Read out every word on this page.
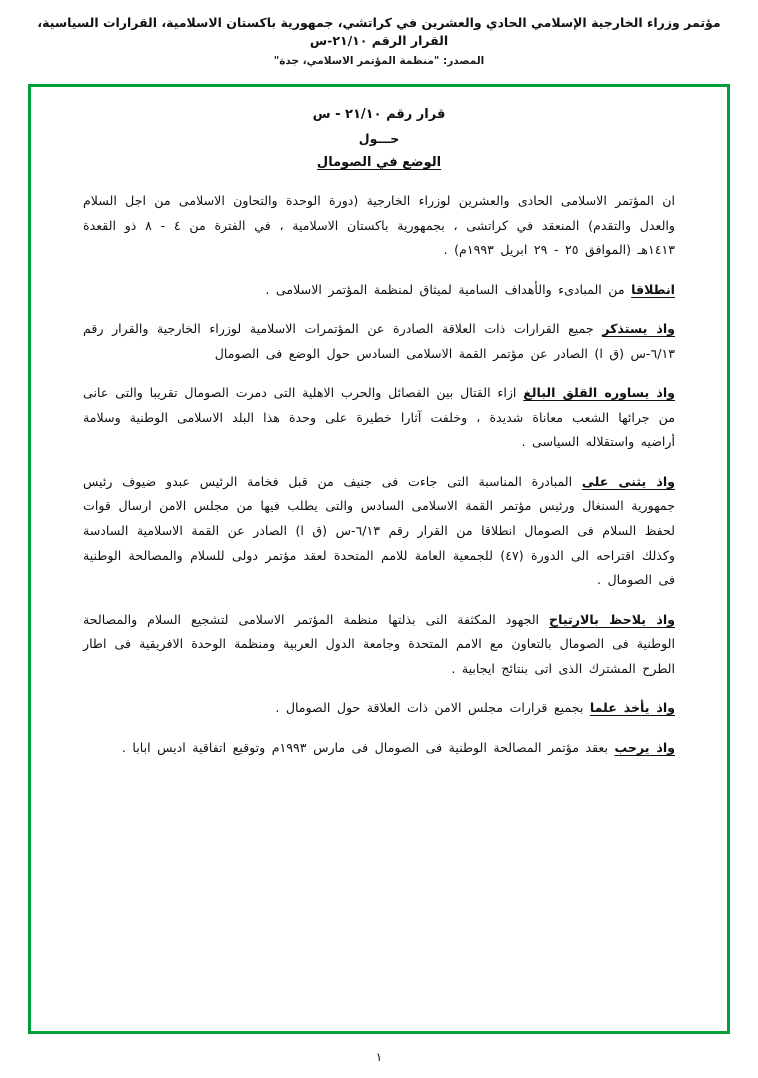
مؤتمر وزراء الخارجية الإسلامي الحادي والعشرين في كراتشي، جمهورية باكستان الاسلامية، القرارات السياسية، القرار الرقم ٢١/١٠-س
المصدر: "منظمة المؤتمر الاسلامي، جدة"
قرار رقم ٢١/١٠ - س
حـــول
الوضع في الصومال
ان المؤتمر الاسلامى الحادى والعشرين لوزراء الخارجية (دورة الوحدة والتحاون الاسلامى من اجل السلام والعدل والتقدم) المنعقد في كراتشى ، بجمهورية باكستان الاسلامية ، في الفترة من ٤ - ٨ ذو القعدة ١٤١٣هـ (الموافق ٢٥ - ٢٩ ابريل ١٩٩٣م) .
انطلاقا من المبادىء والأهداف السامية لميثاق لمنظمة المؤتمر الاسلامى .
واذ يستذكر جميع القرارات ذات العلاقة الصادرة عن المؤتمرات الاسلامية لوزراء الخارجية والقرار رقم ٦/١٣-س (ق ا) الصادر عن مؤتمر القمة الاسلامى السادس حول الوضع فى الصومال
واذ يساوره القلق البالغ ازاء القتال بين الفصائل والحرب الاهلية التى دمرت الصومال تقريبا والتى عانى من جرائها الشعب معاناة شديدة ، وخلفت آثارا خطيرة على وحدة هذا البلد الاسلامى الوطنية وسلامة أراضيه واستقلاله السياسى .
واذ يثنى على المبادرة المناسبة التى جاءت فى جنيف من قبل فخامة الرئيس عبدو ضيوف رئيس جمهورية السنغال ورئيس مؤتمر القمة الاسلامى السادس والتى يطلب فيها من مجلس الامن ارسال قوات لحفظ السلام فى الصومال انطلاقا من القرار رقم ٦/١٣-س (ق ا) الصادر عن القمة الاسلامية السادسة وكذلك اقتراحه الى الدورة (٤٧) للجمعية العامة للامم المتحدة لعقد مؤتمر دولى للسلام والمصالحة الوطنية فى الصومال .
واذ يلاحظ بالارتياح الجهود المكثفة التى بذلتها منظمة المؤتمر الاسلامى لتشجيع السلام والمصالحة الوطنية فى الصومال بالتعاون مع الامم المتحدة وجامعة الدول العربية ومنظمة الوحدة الافريقية فى اطار الطرح المشترك الذى اتى بنتائج ايجابية .
واذ يأخذ علما بجميع قرارات مجلس الامن ذات العلاقة حول الصومال .
واذ يرحب بعقد مؤتمر المصالحة الوطنية فى الصومال فى مارس ١٩٩٣م وتوقيع اتفاقية اديس ابابا .
١
